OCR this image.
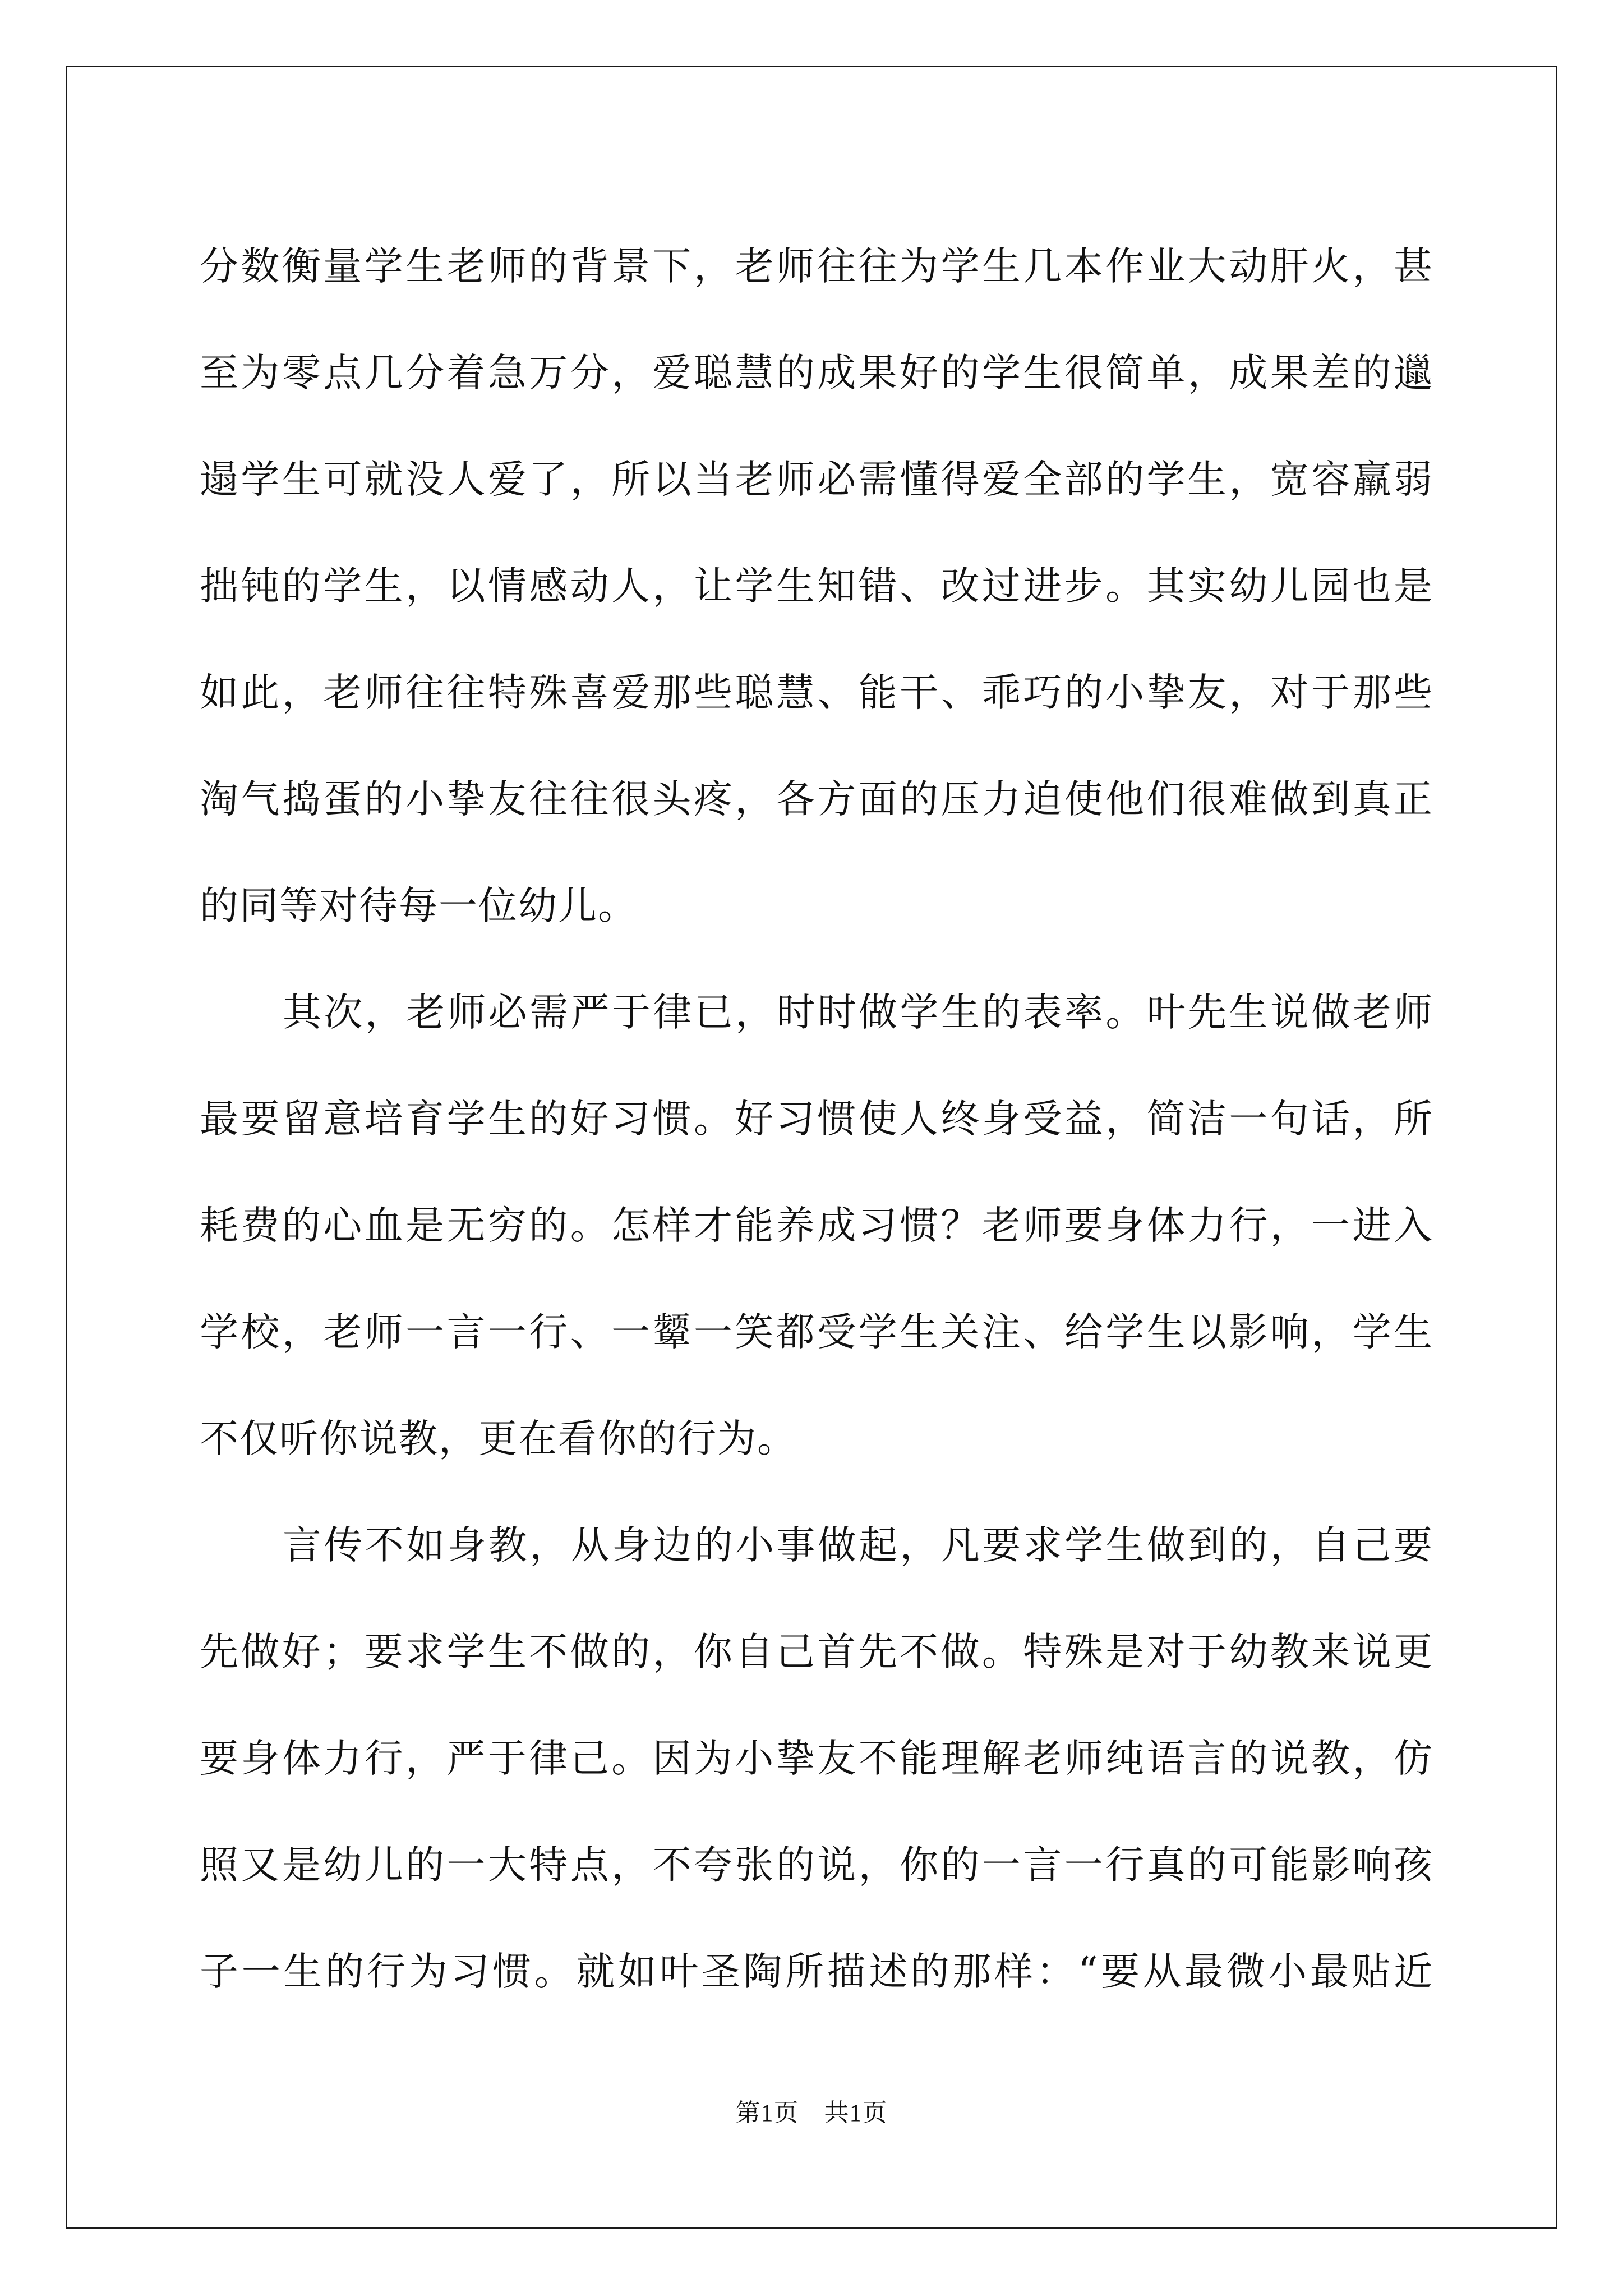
分数衡量学生老师的背景下，老师往往为学生几本作业大动肝火，甚
至为零点几分着急万分，爱聪慧的成果好的学生很简单，成果差的邋
遢学生可就没人爱了，所以当老师必需懂得爱全部的学生，宽容羸弱
拙钝的学生，以情感动人，让学生知错、改过进步。其实幼儿园也是
如此，老师往往特殊喜爱那些聪慧、能干、乖巧的小挚友，对于那些
淘气捣蛋的小挚友往往很头疼，各方面的压力迫使他们很难做到真正
的同等对待每一位幼儿。

其次，老师必需严于律已，时时做学生的表率。叶先生说做老师

最要留意培育学生的好习惯。好习惯使人终身受益，简洁一句话，所
耗费的心血是无穷的。怎样才能养成习惯？老师要身体力行，一进入
学校，老师一言一行、一颦一笑都受学生关注、给学生以影响，学生
不仅听你说教，更在看你的行为。

言传不如身教，从身边的小事做起，凡要求学生做到的，自己要

先做好；要求学生不做的，你自己首先不做。特殊是对于幼教来说更
要身体力行，严于律己。因为小挚友不能理解老师纯语言的说教，仿
照又是幼儿的一大特点，不夸张的说，你的一言一行真的可能影响孩
子一生的行为习惯。就如叶圣陶所描述的那样：“要从最微小最贴近

第1页　共1页
